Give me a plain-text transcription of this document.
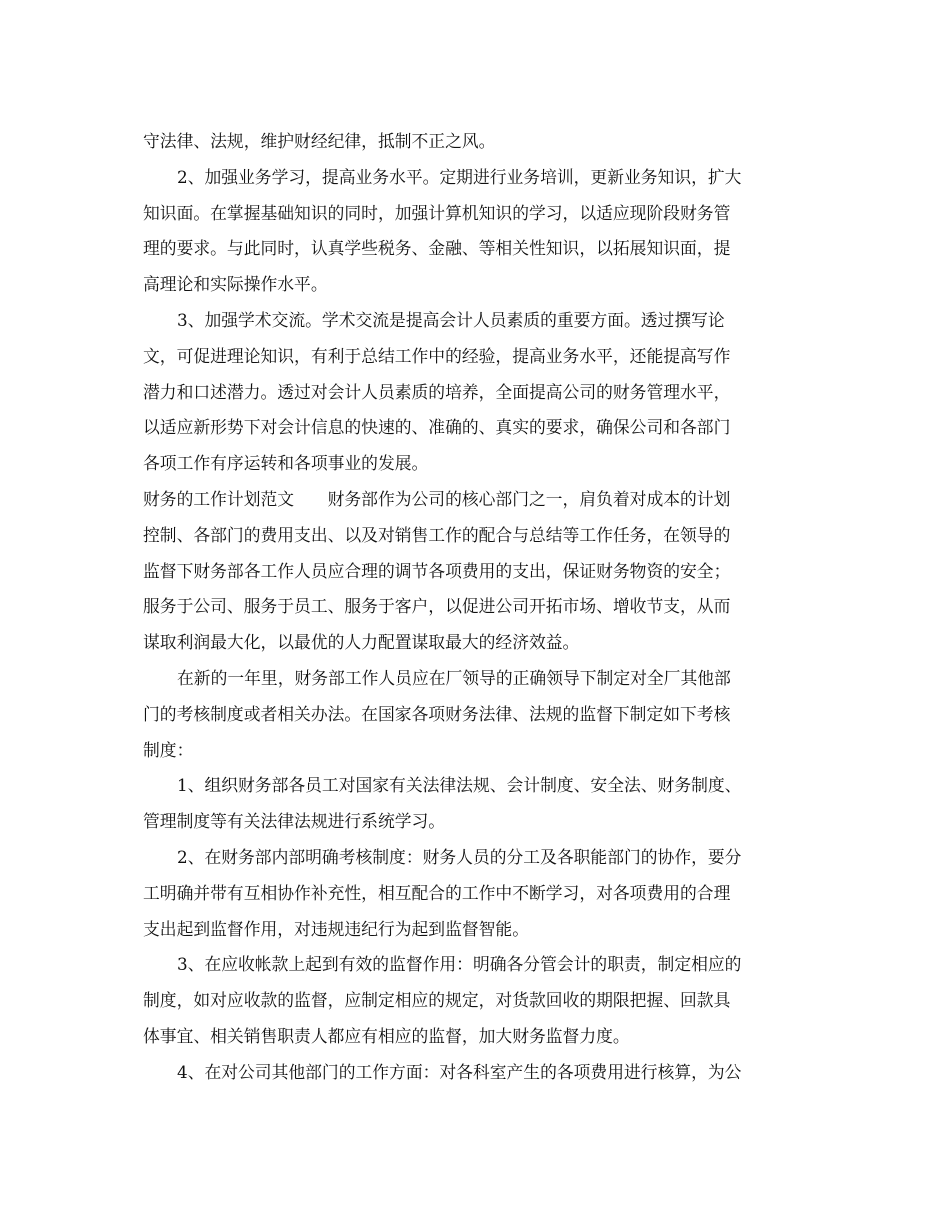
守法律、法规，维护财经纪律，抵制不正之风。
2、加强业务学习，提高业务水平。定期进行业务培训，更新业务知识，扩大
知识面。在掌握基础知识的同时，加强计算机知识的学习，以适应现阶段财务管
理的要求。与此同时，认真学些税务、金融、等相关性知识，以拓展知识面，提
高理论和实际操作水平。
3、加强学术交流。学术交流是提高会计人员素质的重要方面。透过撰写论
文，可促进理论知识，有利于总结工作中的经验，提高业务水平，还能提高写作
潜力和口述潜力。透过对会计人员素质的培养，全面提高公司的财务管理水平，
以适应新形势下对会计信息的快速的、准确的、真实的要求，确保公司和各部门
各项工作有序运转和各项事业的发展。
财务的工作计划范文　　财务部作为公司的核心部门之一，肩负着对成本的计划
控制、各部门的费用支出、以及对销售工作的配合与总结等工作任务，在领导的
监督下财务部各工作人员应合理的调节各项费用的支出，保证财务物资的安全；
服务于公司、服务于员工、服务于客户，以促进公司开拓市场、增收节支，从而
谋取利润最大化，以最优的人力配置谋取最大的经济效益。
在新的一年里，财务部工作人员应在厂领导的正确领导下制定对全厂其他部
门的考核制度或者相关办法。在国家各项财务法律、法规的监督下制定如下考核
制度：
1、组织财务部各员工对国家有关法律法规、会计制度、安全法、财务制度、
管理制度等有关法律法规进行系统学习。
2、在财务部内部明确考核制度：财务人员的分工及各职能部门的协作，要分
工明确并带有互相协作补充性，相互配合的工作中不断学习，对各项费用的合理
支出起到监督作用，对违规违纪行为起到监督智能。
3、在应收帐款上起到有效的监督作用：明确各分管会计的职责，制定相应的
制度，如对应收款的监督，应制定相应的规定，对货款回收的期限把握、回款具
体事宜、相关销售职责人都应有相应的监督，加大财务监督力度。
4、在对公司其他部门的工作方面：对各科室产生的各项费用进行核算，为公
